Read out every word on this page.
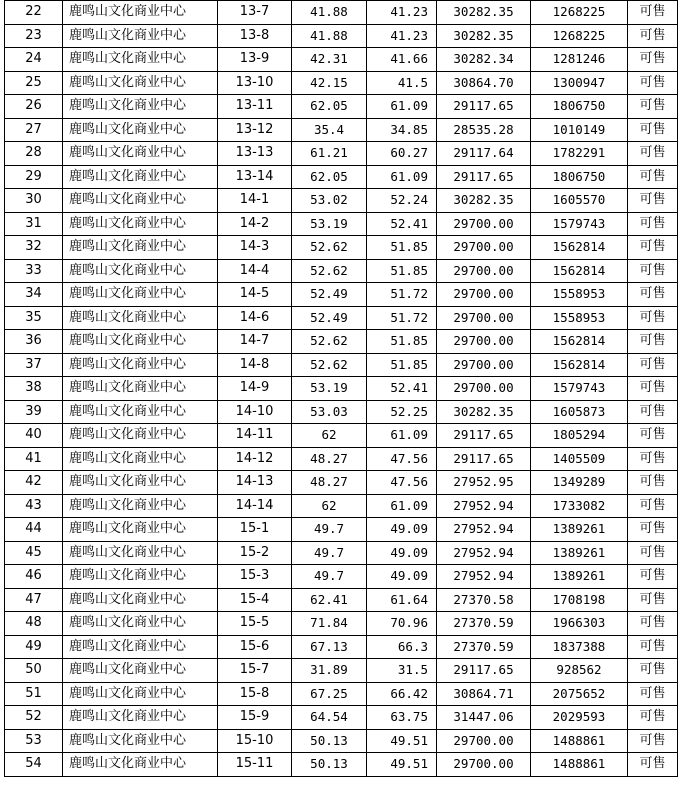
22	鹿鸣山文化商业中心	13-7	41.88	41.23	30282.35	1268225	可售
23	鹿鸣山文化商业中心	13-8	41.88	41.23	30282.35	1268225	可售
24	鹿鸣山文化商业中心	13-9	42.31	41.66	30282.34	1281246	可售
25	鹿鸣山文化商业中心	13-10	42.15	41.5	30864.70	1300947	可售
26	鹿鸣山文化商业中心	13-11	62.05	61.09	29117.65	1806750	可售
27	鹿鸣山文化商业中心	13-12	35.4	34.85	28535.28	1010149	可售
28	鹿鸣山文化商业中心	13-13	61.21	60.27	29117.64	1782291	可售
29	鹿鸣山文化商业中心	13-14	62.05	61.09	29117.65	1806750	可售
30	鹿鸣山文化商业中心	14-1	53.02	52.24	30282.35	1605570	可售
31	鹿鸣山文化商业中心	14-2	53.19	52.41	29700.00	1579743	可售
32	鹿鸣山文化商业中心	14-3	52.62	51.85	29700.00	1562814	可售
33	鹿鸣山文化商业中心	14-4	52.62	51.85	29700.00	1562814	可售
34	鹿鸣山文化商业中心	14-5	52.49	51.72	29700.00	1558953	可售
35	鹿鸣山文化商业中心	14-6	52.49	51.72	29700.00	1558953	可售
36	鹿鸣山文化商业中心	14-7	52.62	51.85	29700.00	1562814	可售
37	鹿鸣山文化商业中心	14-8	52.62	51.85	29700.00	1562814	可售
38	鹿鸣山文化商业中心	14-9	53.19	52.41	29700.00	1579743	可售
39	鹿鸣山文化商业中心	14-10	53.03	52.25	30282.35	1605873	可售
40	鹿鸣山文化商业中心	14-11	62	61.09	29117.65	1805294	可售
41	鹿鸣山文化商业中心	14-12	48.27	47.56	29117.65	1405509	可售
42	鹿鸣山文化商业中心	14-13	48.27	47.56	27952.95	1349289	可售
43	鹿鸣山文化商业中心	14-14	62	61.09	27952.94	1733082	可售
44	鹿鸣山文化商业中心	15-1	49.7	49.09	27952.94	1389261	可售
45	鹿鸣山文化商业中心	15-2	49.7	49.09	27952.94	1389261	可售
46	鹿鸣山文化商业中心	15-3	49.7	49.09	27952.94	1389261	可售
47	鹿鸣山文化商业中心	15-4	62.41	61.64	27370.58	1708198	可售
48	鹿鸣山文化商业中心	15-5	71.84	70.96	27370.59	1966303	可售
49	鹿鸣山文化商业中心	15-6	67.13	66.3	27370.59	1837388	可售
50	鹿鸣山文化商业中心	15-7	31.89	31.5	29117.65	928562	可售
51	鹿鸣山文化商业中心	15-8	67.25	66.42	30864.71	2075652	可售
52	鹿鸣山文化商业中心	15-9	64.54	63.75	31447.06	2029593	可售
53	鹿鸣山文化商业中心	15-10	50.13	49.51	29700.00	1488861	可售
54	鹿鸣山文化商业中心	15-11	50.13	49.51	29700.00	1488861	可售
